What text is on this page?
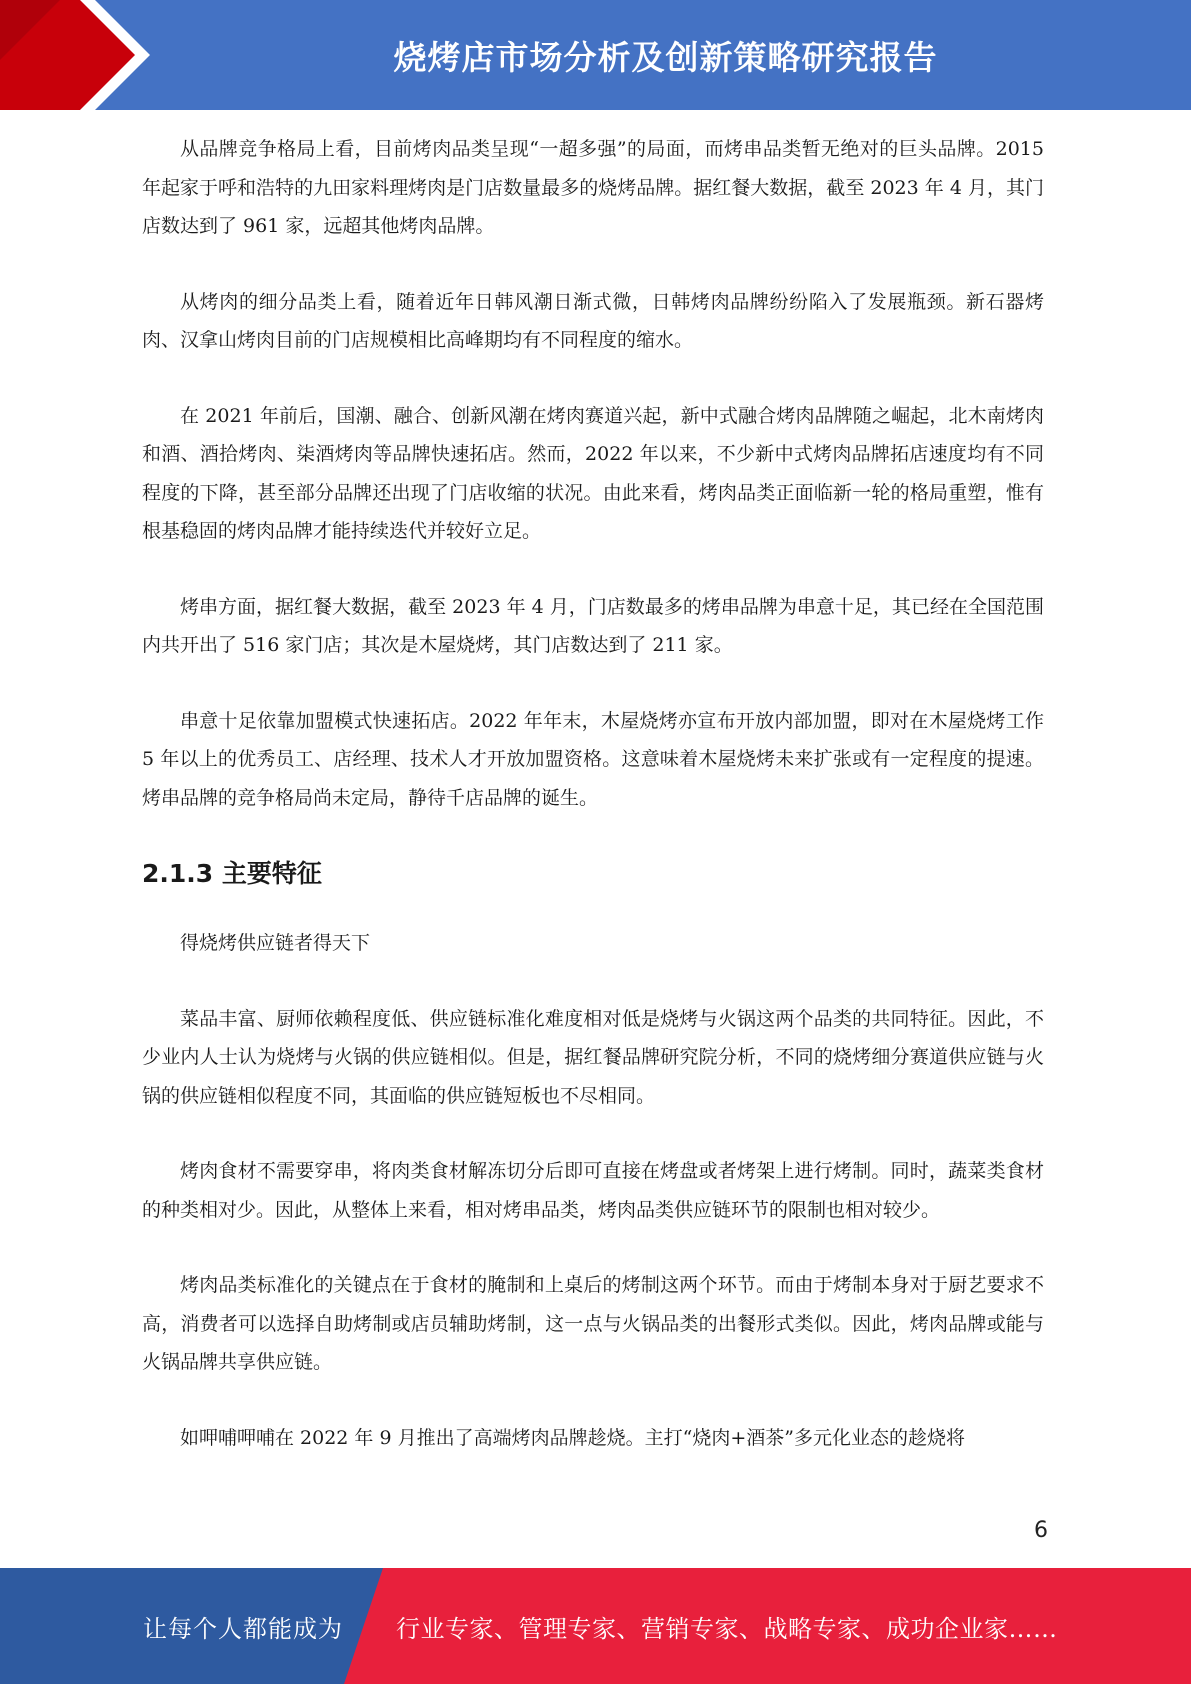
烧烤店市场分析及创新策略研究报告

从品牌竞争格局上看，目前烤肉品类呈现“一超多强”的局面，而烤串品类暂无绝对的巨头品牌。2015 年起家于呼和浩特的九田家料理烤肉是门店数量最多的烧烤品牌。据红餐大数据，截至 2023 年 4 月，其门店数达到了 961 家，远超其他烤肉品牌。

从烤肉的细分品类上看，随着近年日韩风潮日渐式微，日韩烤肉品牌纷纷陷入了发展瓶颈。新石器烤肉、汉拿山烤肉目前的门店规模相比高峰期均有不同程度的缩水。

在 2021 年前后，国潮、融合、创新风潮在烤肉赛道兴起，新中式融合烤肉品牌随之崛起，北木南烤肉和酒、酒拾烤肉、柒酒烤肉等品牌快速拓店。然而，2022 年以来，不少新中式烤肉品牌拓店速度均有不同程度的下降，甚至部分品牌还出现了门店收缩的状况。由此来看，烤肉品类正面临新一轮的格局重塑，惟有根基稳固的烤肉品牌才能持续迭代并较好立足。

烤串方面，据红餐大数据，截至 2023 年 4 月，门店数最多的烤串品牌为串意十足，其已经在全国范围内共开出了 516 家门店；其次是木屋烧烤，其门店数达到了 211 家。

串意十足依靠加盟模式快速拓店。2022 年年末，木屋烧烤亦宣布开放内部加盟，即对在木屋烧烤工作 5 年以上的优秀员工、店经理、技术人才开放加盟资格。这意味着木屋烧烤未来扩张或有一定程度的提速。烤串品牌的竞争格局尚未定局，静待千店品牌的诞生。

2.1.3 主要特征

得烧烤供应链者得天下

菜品丰富、厨师依赖程度低、供应链标准化难度相对低是烧烤与火锅这两个品类的共同特征。因此，不少业内人士认为烧烤与火锅的供应链相似。但是，据红餐品牌研究院分析，不同的烧烤细分赛道供应链与火锅的供应链相似程度不同，其面临的供应链短板也不尽相同。

烤肉食材不需要穿串，将肉类食材解冻切分后即可直接在烤盘或者烤架上进行烤制。同时，蔬菜类食材的种类相对少。因此，从整体上来看，相对烤串品类，烤肉品类供应链环节的限制也相对较少。

烤肉品类标准化的关键点在于食材的腌制和上桌后的烤制这两个环节。而由于烤制本身对于厨艺要求不高，消费者可以选择自助烤制或店员辅助烤制，这一点与火锅品类的出餐形式类似。因此，烤肉品牌或能与火锅品牌共享供应链。

如呷哺呷哺在 2022 年 9 月推出了高端烤肉品牌趁烧。主打“烧肉+酒茶”多元化业态的趁烧将

6
让每个人都能成为 行业专家、管理专家、营销专家、战略专家、成功企业家……
